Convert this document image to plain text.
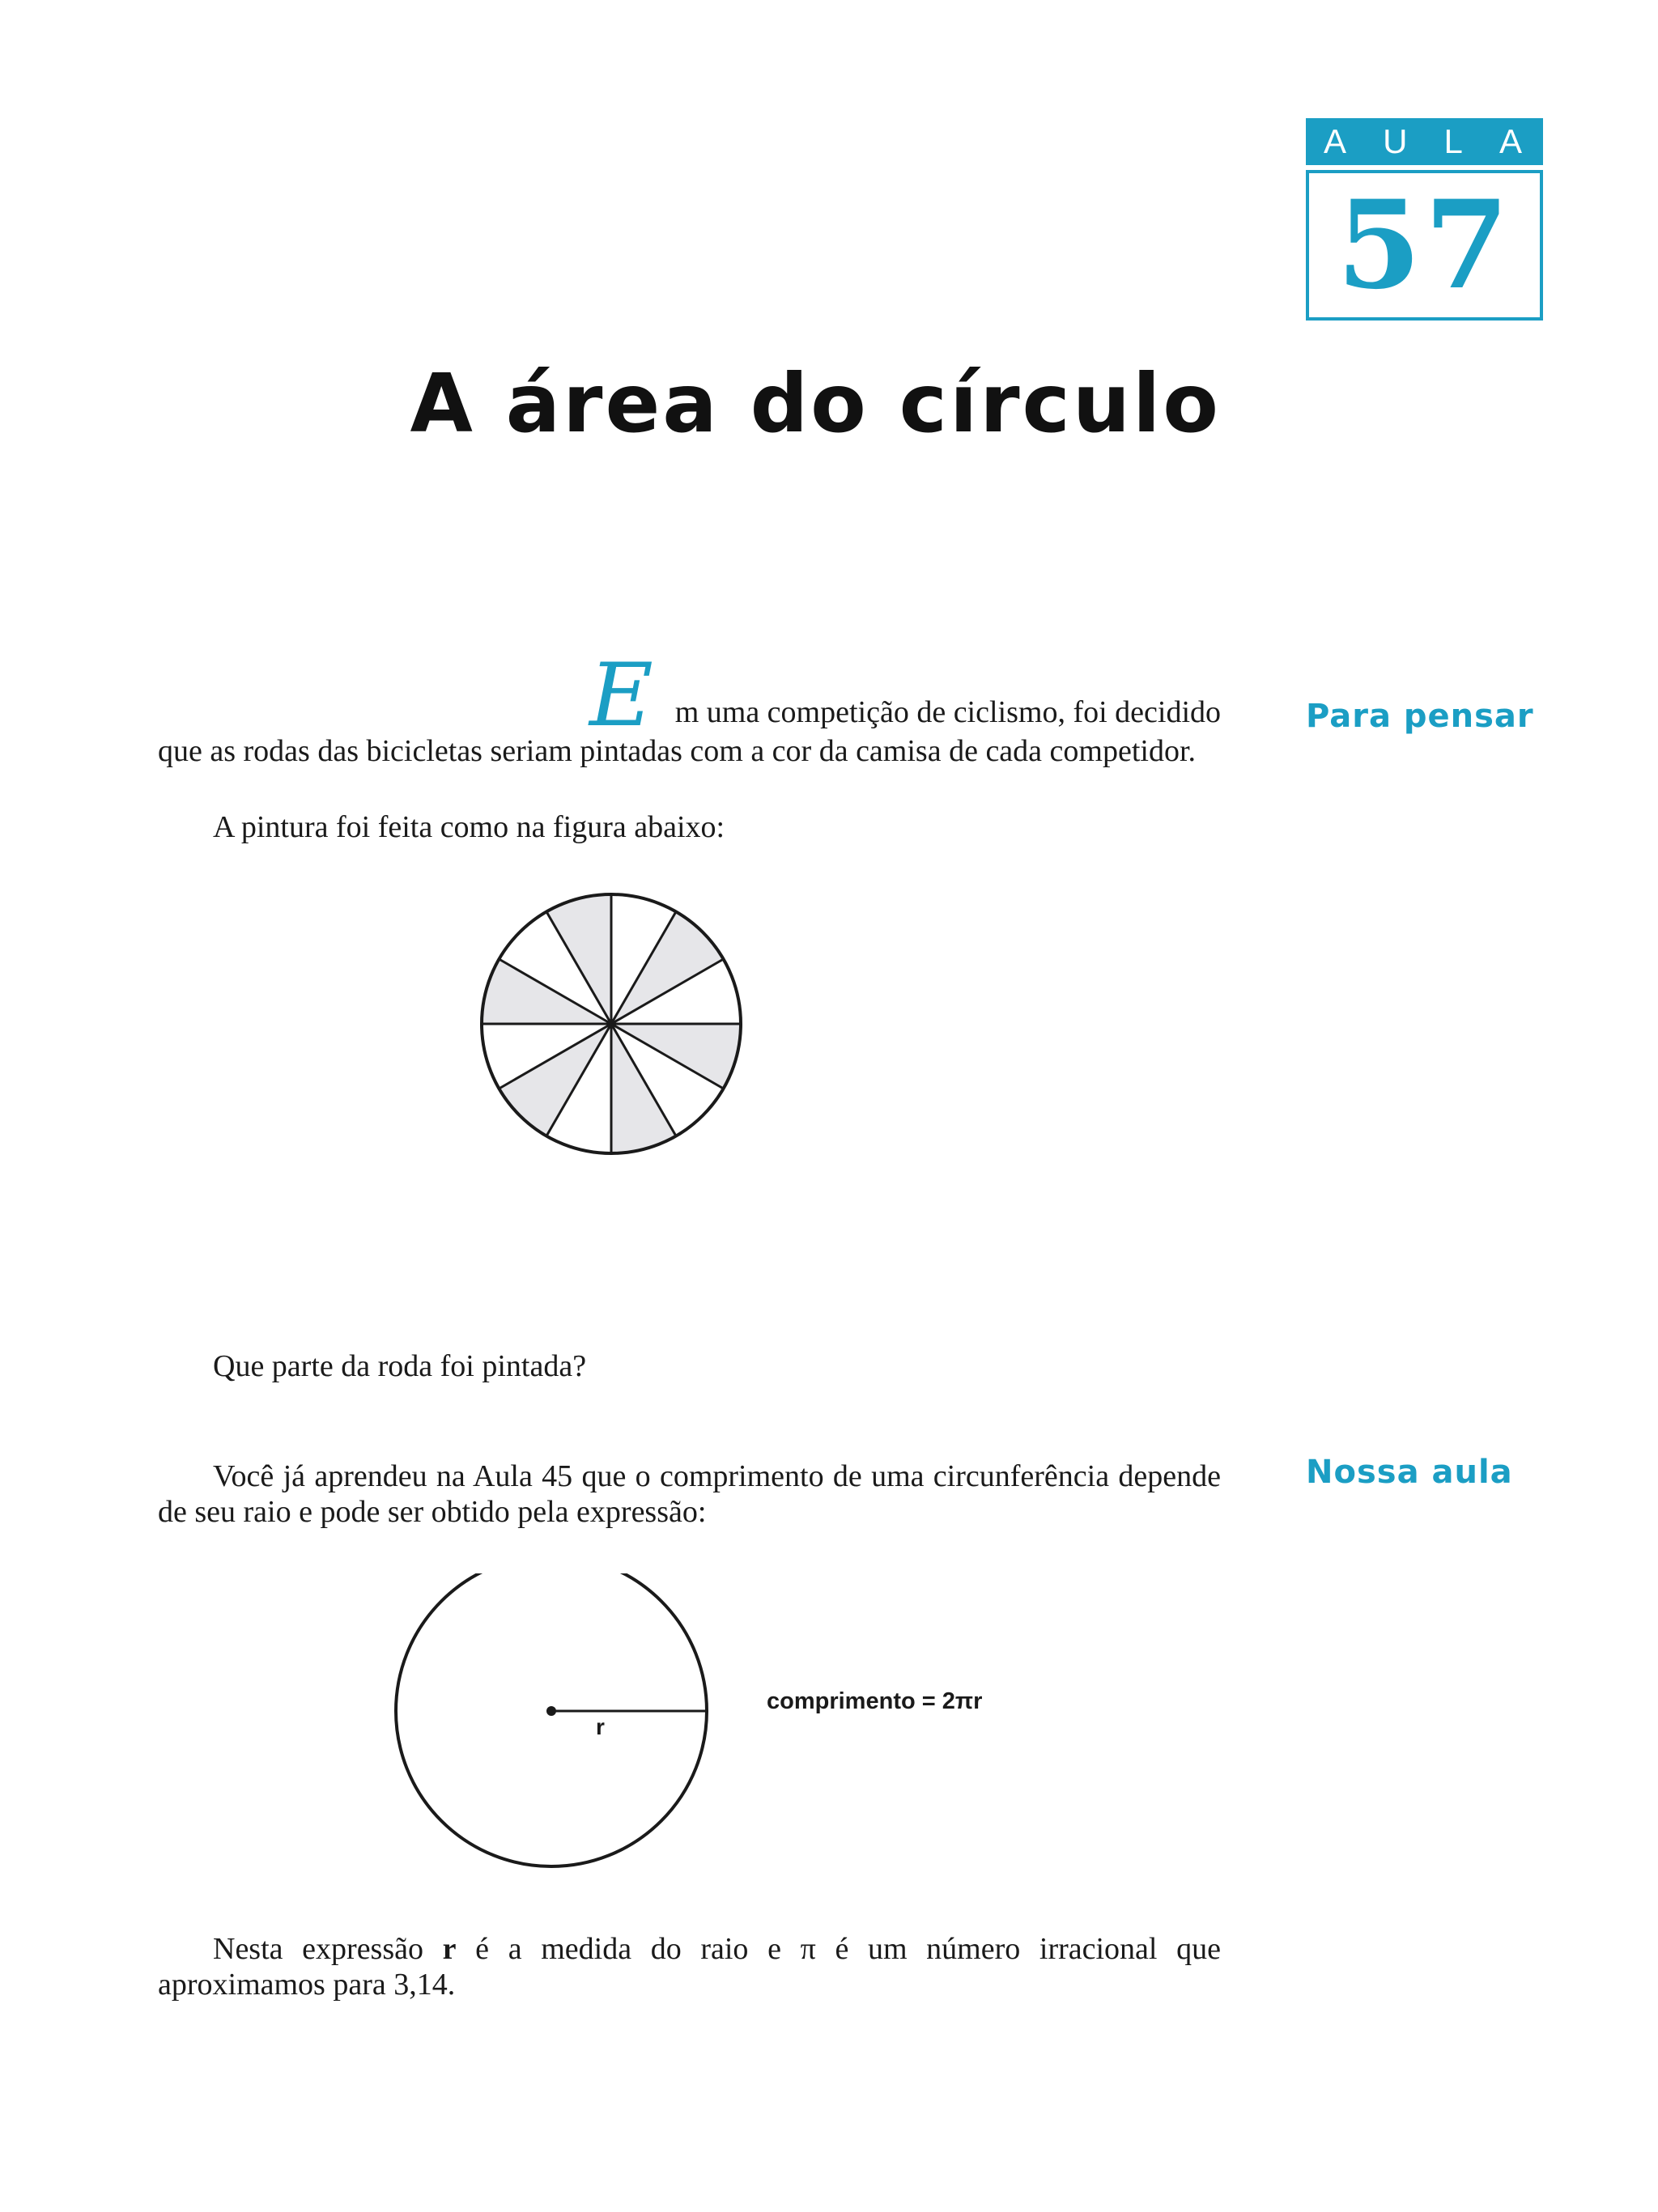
A U L A
57
A área do círculo
Para pensar
Nossa aula
E m uma competição de ciclismo, foi decidido
que as rodas das bicicletas seriam pintadas com a cor da camisa de cada competidor.
A pintura foi feita como na figura abaixo:
Que parte da roda foi pintada?
Você já aprendeu na Aula 45 que o comprimento de uma circunferência depende de seu raio e pode ser obtido pela expressão:
r
comprimento = 2πr
Nesta expressão r é a medida do raio e π é um número irracional que aproximamos para 3,14.
